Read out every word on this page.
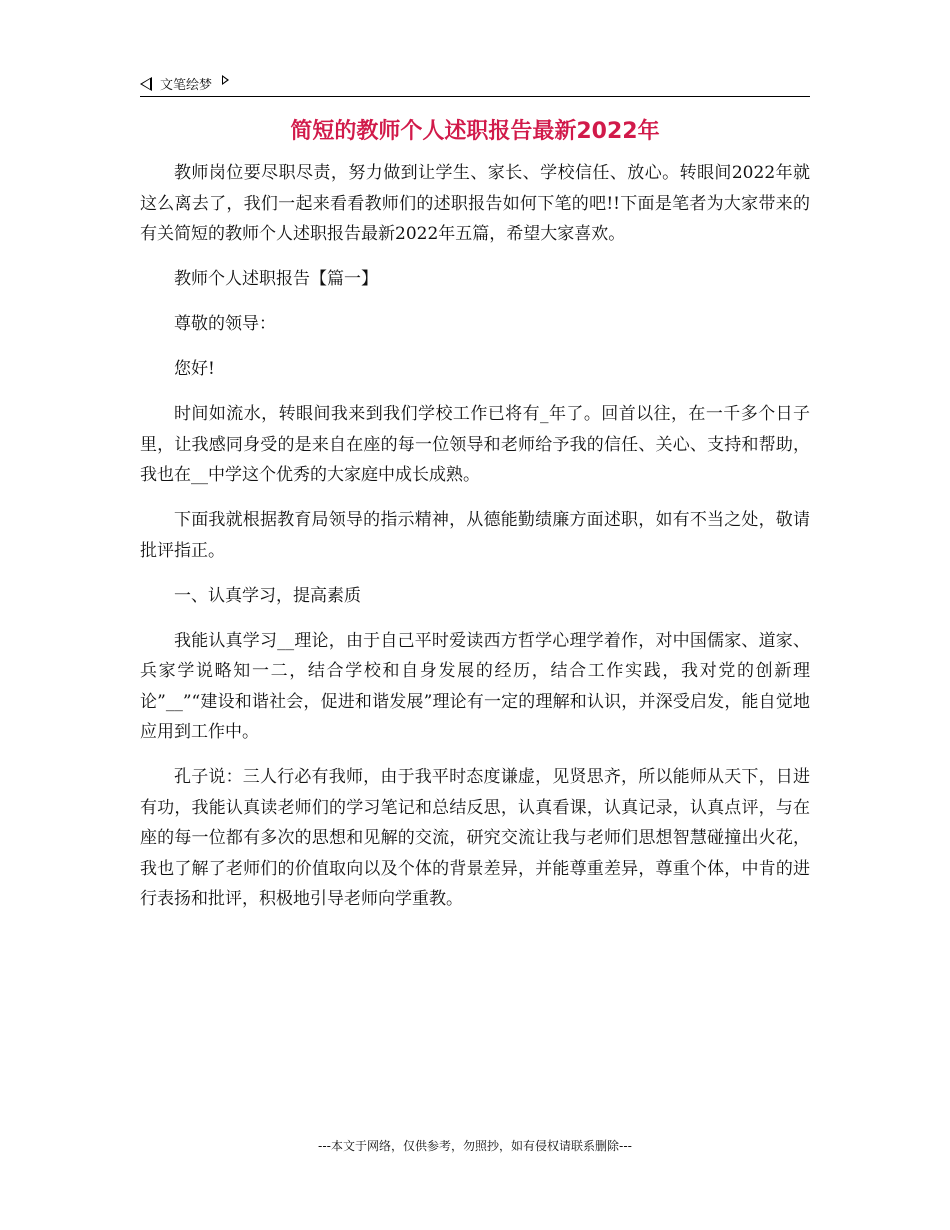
文笔绘梦
简短的教师个人述职报告最新2022年

教师岗位要尽职尽责，努力做到让学生、家长、学校信任、放心。转眼间2022年就这么离去了，我们一起来看看教师们的述职报告如何下笔的吧!!下面是笔者为大家带来的有关简短的教师个人述职报告最新2022年五篇，希望大家喜欢。

教师个人述职报告【篇一】

尊敬的领导：

您好!

时间如流水，转眼间我来到我们学校工作已将有_年了。回首以往，在一千多个日子里，让我感同身受的是来自在座的每一位领导和老师给予我的信任、关心、支持和帮助，我也在__中学这个优秀的大家庭中成长成熟。

下面我就根据教育局领导的指示精神，从德能勤绩廉方面述职，如有不当之处，敬请批评指正。

一、认真学习，提高素质

我能认真学习__理论，由于自己平时爱读西方哲学心理学着作，对中国儒家、道家、兵家学说略知一二，结合学校和自身发展的经历，结合工作实践，我对党的创新理论”__”“建设和谐社会，促进和谐发展”理论有一定的理解和认识，并深受启发，能自觉地应用到工作中。

孔子说：三人行必有我师，由于我平时态度谦虚，见贤思齐，所以能师从天下，日进有功，我能认真读老师们的学习笔记和总结反思，认真看课，认真记录，认真点评，与在座的每一位都有多次的思想和见解的交流，研究交流让我与老师们思想智慧碰撞出火花，我也了解了老师们的价值取向以及个体的背景差异，并能尊重差异，尊重个体，中肯的进行表扬和批评，积极地引导老师向学重教。

---本文于网络，仅供参考，勿照抄，如有侵权请联系删除---
